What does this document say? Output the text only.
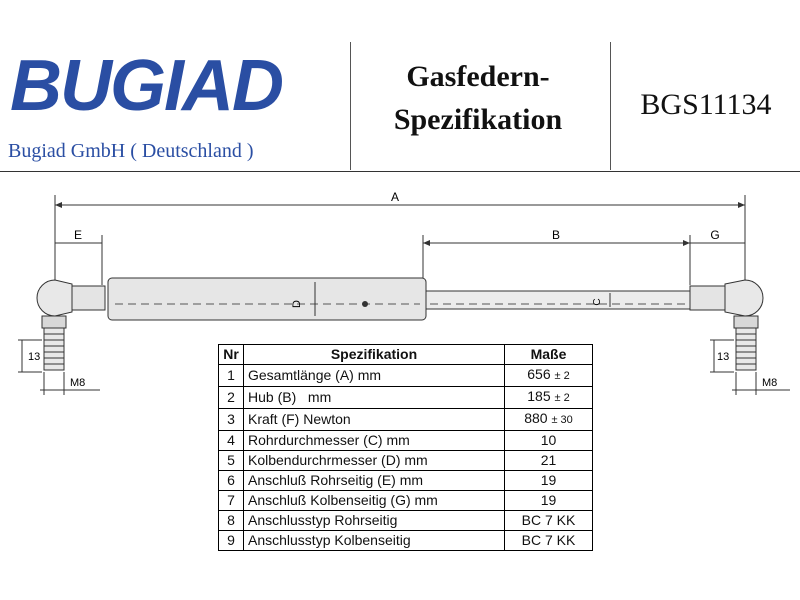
BUGIAD
Bugiad GmbH ( Deutschland )
Gasfedern-
Spezifikation	BGS11134
A
E	B	G
D	C
13
M8
13
M8
Nr	Spezifikation	Maße
1	Gesamtlänge (A) mm	656 ± 2
2	Hub (B)   mm	185 ± 2
3	Kraft (F) Newton	880 ± 30
4	Rohrdurchmesser (C) mm	10
5	Kolbendurchrmesser (D) mm	21
6	Anschluß Rohrseitig (E) mm	19
7	Anschluß Kolbenseitig (G) mm	19
8	Anschlusstyp Rohrseitig	BC 7 KK
9	Anschlusstyp Kolbenseitig	BC 7 KK
